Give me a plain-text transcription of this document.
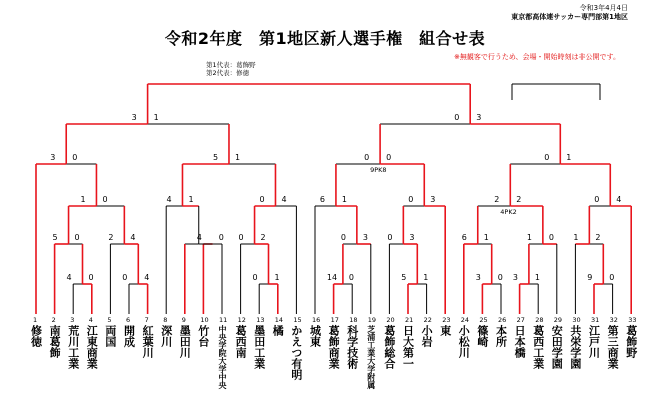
令和3年4月4日
東京都高体連サッカー専門部第1地区
令和2年度　第1地区新人選手権　組合せ表
※無観客で行うため、会場・開始時刻は非公開です。
第1代表：葛飾野
第2代表：修徳
4 0
5 0
0 4
2 4
1 0
3 0
4 0
4 1
0 1
0 2
0 4
5 1
3 1
14 0
0 3
6 1
5 1
0 3
0 3
0 0
9PK8
3 0
6 1
3 1
1 0
2 2
4PK2
9 0
1 2
0 4
0 1
0 3
1
修徳
2
南葛飾
3
荒川工業
4
江東商業
5
両国
6
開成
7
紅葉川
8
深川
9
墨田川
10
竹台
11
中央学院大学中央
12
葛西南
13
墨田工業
14
橘
15
かえつ有明
16
城東
17
葛飾商業
18
科学技術
19
芝浦工業大学附属
20
葛飾総合
21
日大第一
22
小岩
23
東
24
小松川
25
篠崎
26
本所
27
日本橋
28
葛西工業
29
安田学園
30
共栄学園
31
江戸川
32
第三商業
33
葛飾野
